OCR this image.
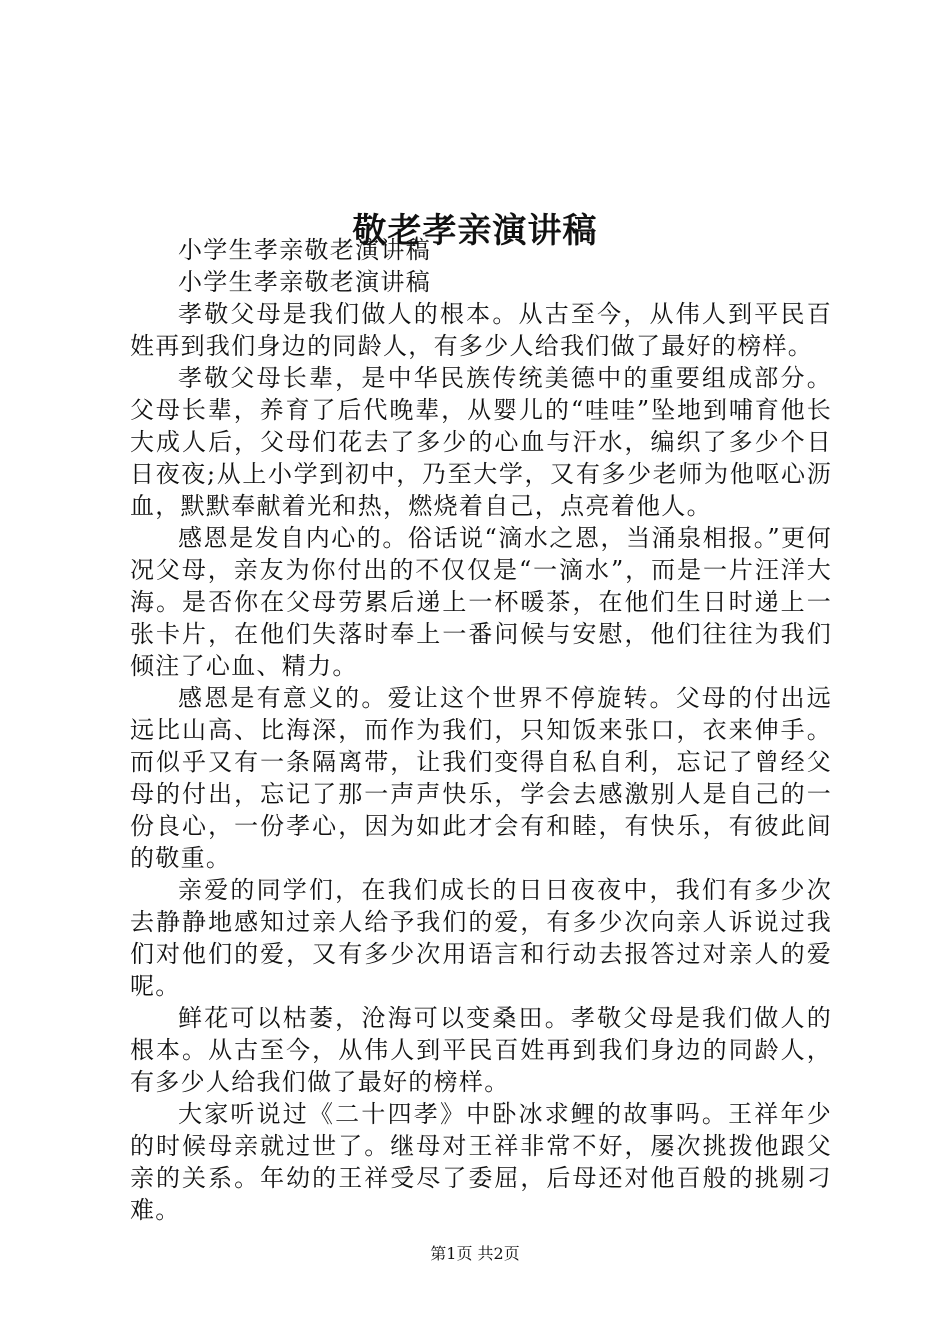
敬老孝亲演讲稿

小学生孝亲敬老演讲稿

小学生孝亲敬老演讲稿

孝敬父母是我们做人的根本。从古至今，从伟人到平民百姓再到我们身边的同龄人，有多少人给我们做了最好的榜样。

孝敬父母长辈，是中华民族传统美德中的重要组成部分。父母长辈，养育了后代晚辈，从婴儿的“哇哇”坠地到哺育他长大成人后，父母们花去了多少的心血与汗水，编织了多少个日日夜夜;从上小学到初中，乃至大学，又有多少老师为他呕心沥血，默默奉献着光和热，燃烧着自己，点亮着他人。

感恩是发自内心的。俗话说“滴水之恩，当涌泉相报。”更何况父母，亲友为你付出的不仅仅是“一滴水”，而是一片汪洋大海。是否你在父母劳累后递上一杯暖茶，在他们生日时递上一张卡片，在他们失落时奉上一番问候与安慰，他们往往为我们倾注了心血、精力。

感恩是有意义的。爱让这个世界不停旋转。父母的付出远远比山高、比海深，而作为我们，只知饭来张口，衣来伸手。而似乎又有一条隔离带，让我们变得自私自利，忘记了曾经父母的付出，忘记了那一声声快乐，学会去感激别人是自己的一份良心，一份孝心，因为如此才会有和睦，有快乐，有彼此间的敬重。

亲爱的同学们，在我们成长的日日夜夜中，我们有多少次去静静地感知过亲人给予我们的爱，有多少次向亲人诉说过我们对他们的爱，又有多少次用语言和行动去报答过对亲人的爱呢。

鲜花可以枯萎，沧海可以变桑田。孝敬父母是我们做人的根本。从古至今，从伟人到平民百姓再到我们身边的同龄人，有多少人给我们做了最好的榜样。

大家听说过《二十四孝》中卧冰求鲤的故事吗。王祥年少的时候母亲就过世了。继母对王祥非常不好，屡次挑拨他跟父亲的关系。年幼的王祥受尽了委屈，后母还对他百般的挑剔刁难。

第1页 共2页
